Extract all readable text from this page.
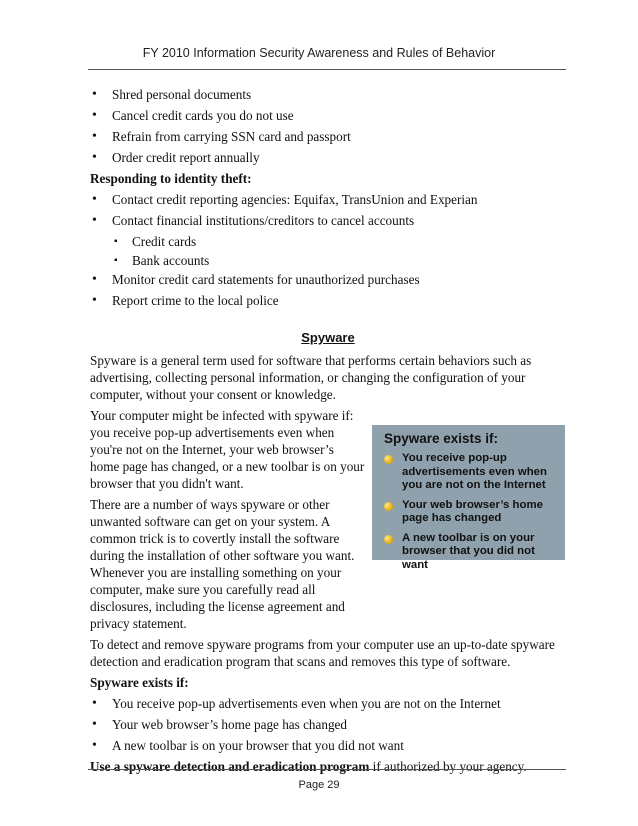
FY 2010 Information Security Awareness and Rules of Behavior
• Shred personal documents
• Cancel credit cards you do not use
• Refrain from carrying SSN card and passport
• Order credit report annually

Responding to identity theft:

• Contact credit reporting agencies: Equifax, TransUnion and Experian
• Contact financial institutions/creditors to cancel accounts
▪ Credit cards
▪ Bank accounts
• Monitor credit card statements for unauthorized purchases
• Report crime to the local police
Spyware

Spyware is a general term used for software that performs certain behaviors such as advertising, collecting personal information, or changing the configuration of your computer, without your consent or knowledge.

Your computer might be infected with spyware if: you receive pop-up advertisements even when you're not on the Internet, your web browser’s home page has changed, or a new toolbar is on your browser that you didn't want.

There are a number of ways spyware or other unwanted software can get on your system. A common trick is to covertly install the software during the installation of other software you want. Whenever you are installing something on your computer, make sure you carefully read all disclosures, including the license agreement and privacy statement.

To detect and remove spyware programs from your computer use an up-to-date spyware detection and eradication program that scans and removes this type of software.

Spyware exists if:

• You receive pop-up advertisements even when you are not on the Internet
• Your web browser’s home page has changed
• A new toolbar is on your browser that you did not want

Use a spyware detection and eradication program if authorized by your agency.

Spyware exists if:
You receive pop-up advertisements even when you are not on the Internet
Your web browser’s home page has changed
A new toolbar is on your browser that you did not want
Page 29
